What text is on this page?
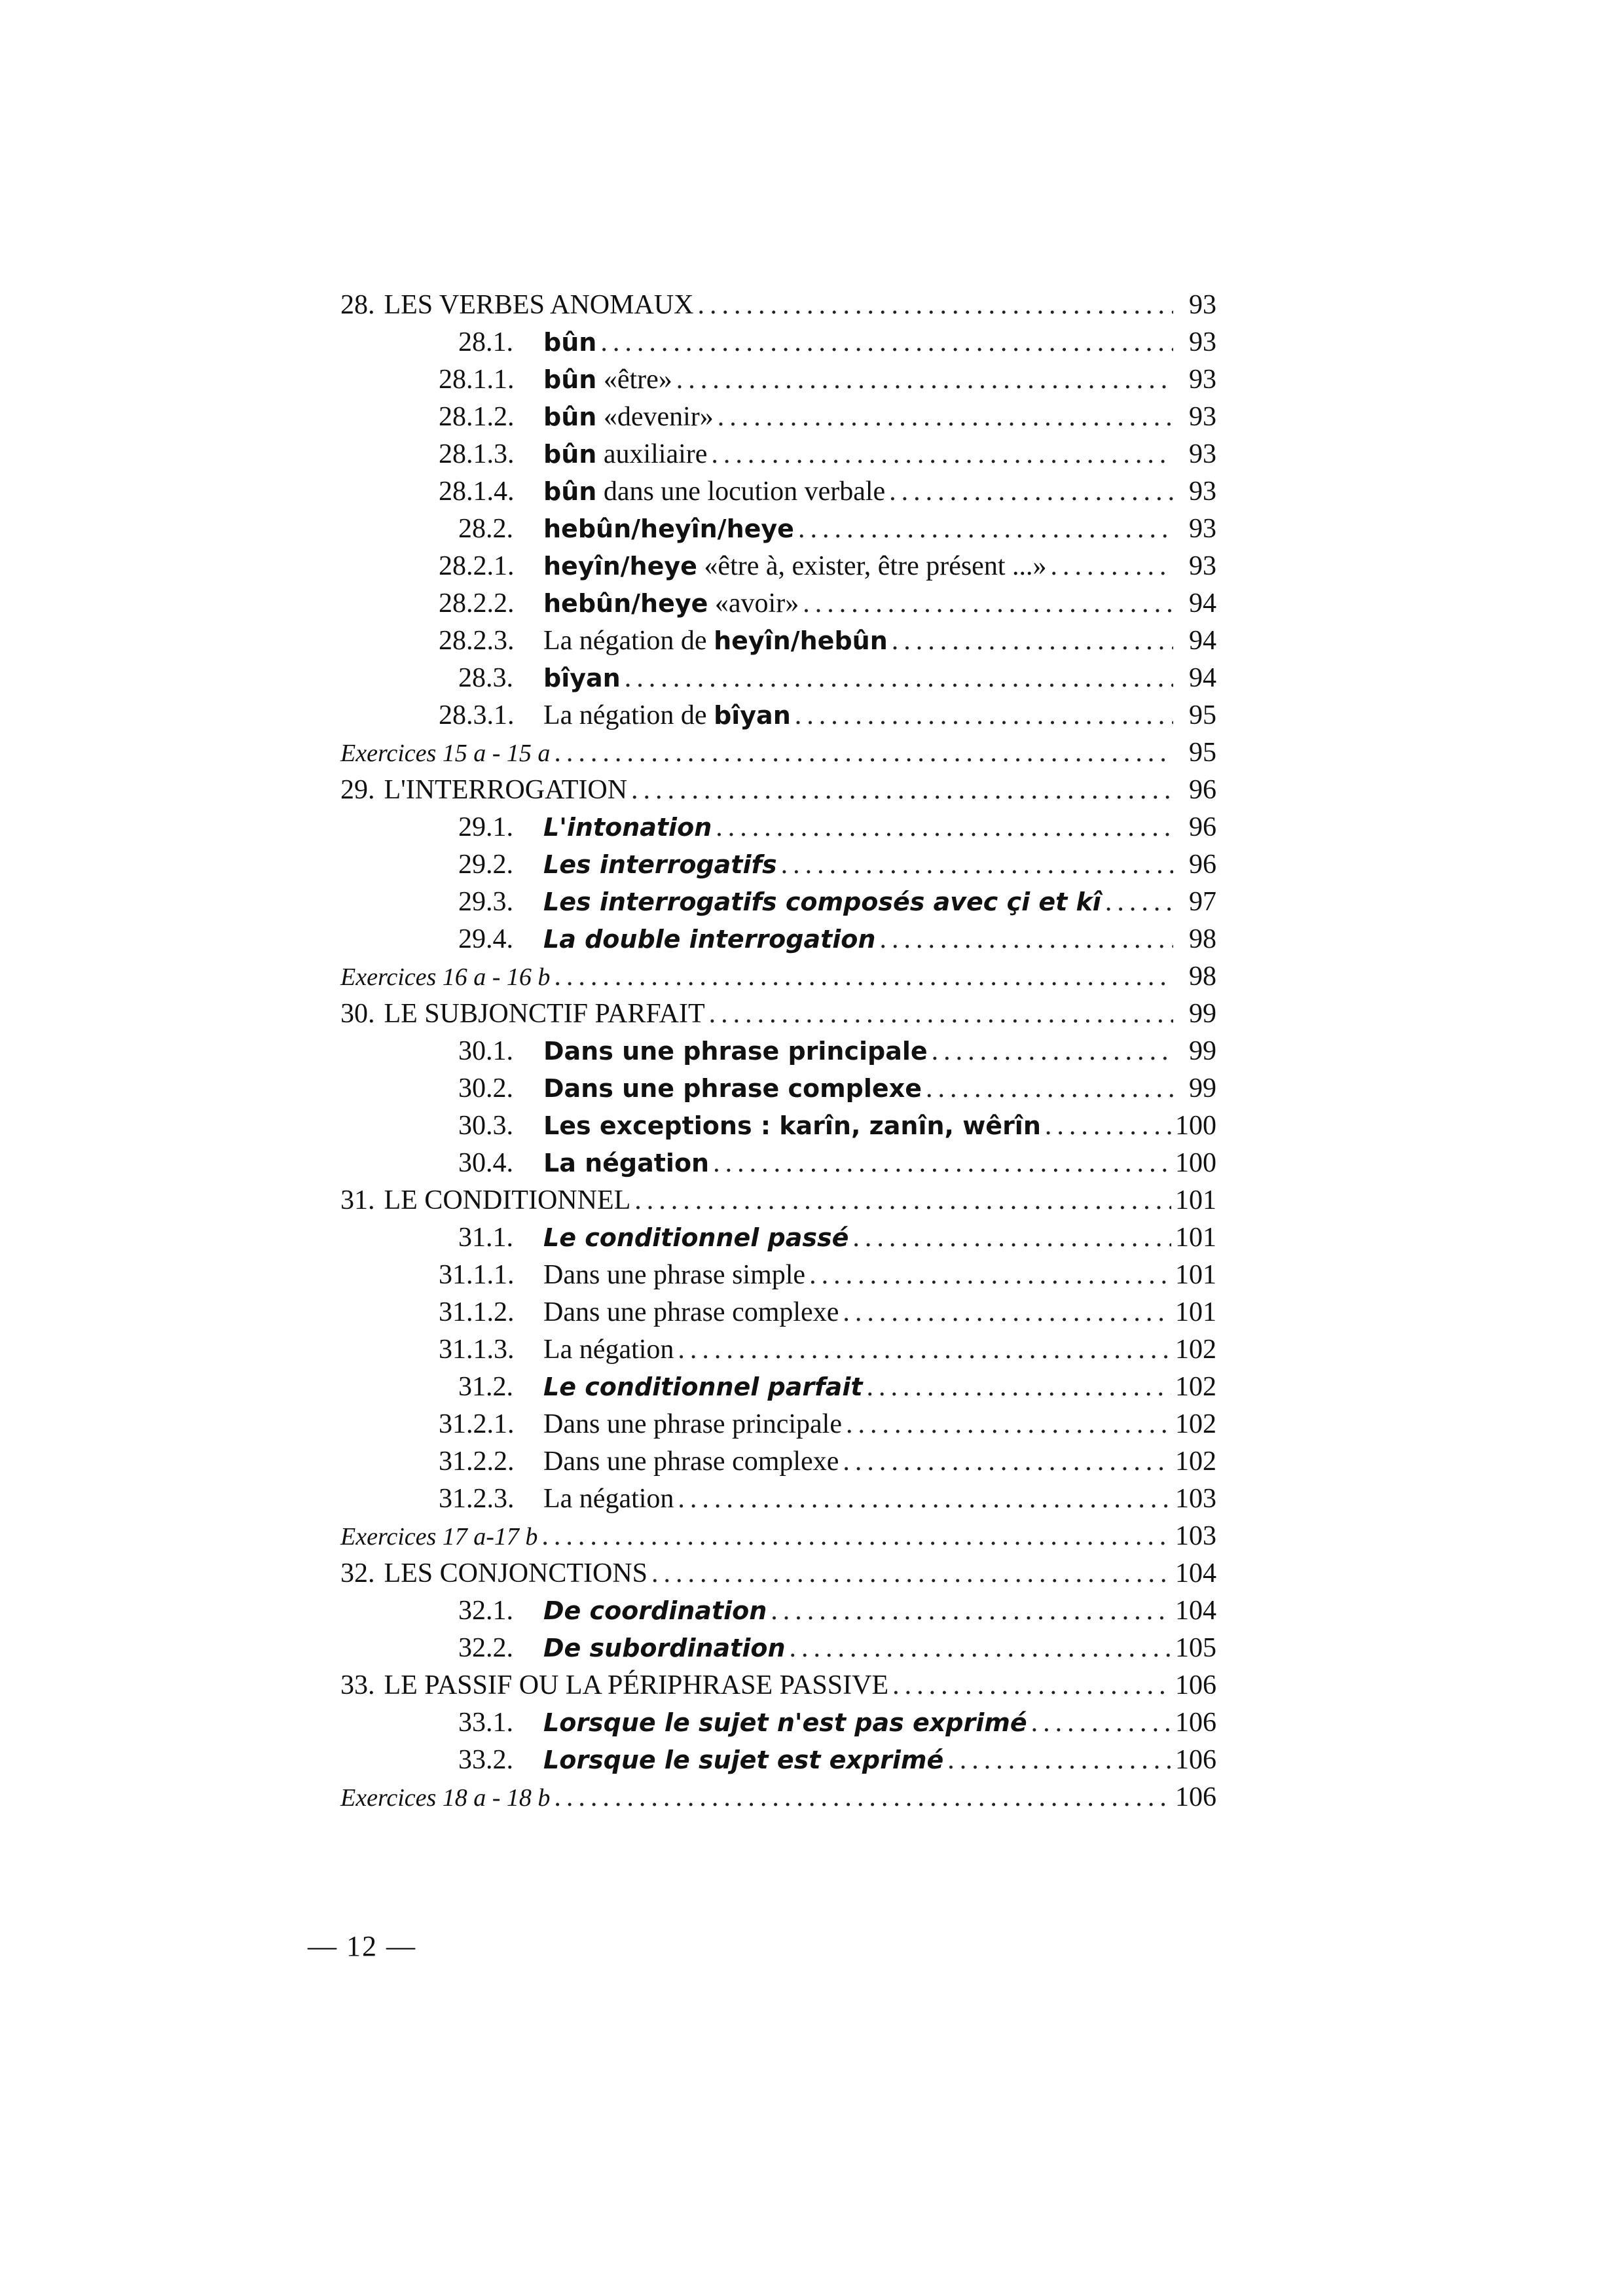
28. LES VERBES ANOMAUX .....	93
28.1.	bûn .....	93
28.1.1.	bûn «être» .....	93
28.1.2.	bûn «devenir» .....	93
28.1.3.	bûn auxiliaire .....	93
28.1.4.	bûn dans une locution verbale .....	93
28.2.	hebûn/heyîn/heye .....	93
28.2.1.	heyîn/heye «être à, exister, être présent ...» .....	93
28.2.2.	hebûn/heye «avoir» .....	94
28.2.3.	La négation de heyîn/hebûn .....	94
28.3.	bîyan .....	94
28.3.1.	La négation de bîyan .....	95
Exercices 15 a - 15 a .....	95
29. L'INTERROGATION .....	96
29.1.	L'intonation .....	96
29.2.	Les interrogatifs .....	96
29.3.	Les interrogatifs composés avec çi et kî .....	97
29.4.	La double interrogation .....	98
Exercices 16 a - 16 b .....	98
30. LE SUBJONCTIF PARFAIT .....	99
30.1.	Dans une phrase principale .....	99
30.2.	Dans une phrase complexe .....	99
30.3.	Les exceptions : karîn, zanîn, wêrîn .....	100
30.4.	La négation .....	100
31. LE CONDITIONNEL .....	101
31.1.	Le conditionnel passé .....	101
31.1.1.	Dans une phrase simple .....	101
31.1.2.	Dans une phrase complexe .....	101
31.1.3.	La négation .....	102
31.2.	Le conditionnel parfait .....	102
31.2.1.	Dans une phrase principale .....	102
31.2.2.	Dans une phrase complexe .....	102
31.2.3.	La négation .....	103
Exercices 17 a-17 b .....	103
32. LES CONJONCTIONS .....	104
32.1.	De coordination .....	104
32.2.	De subordination .....	105
33. LE PASSIF OU LA PÉRIPHRASE PASSIVE .....	106
33.1.	Lorsque le sujet n'est pas exprimé .....	106
33.2.	Lorsque le sujet est exprimé .....	106
Exercices 18 a - 18 b .....	106
— 12 —
